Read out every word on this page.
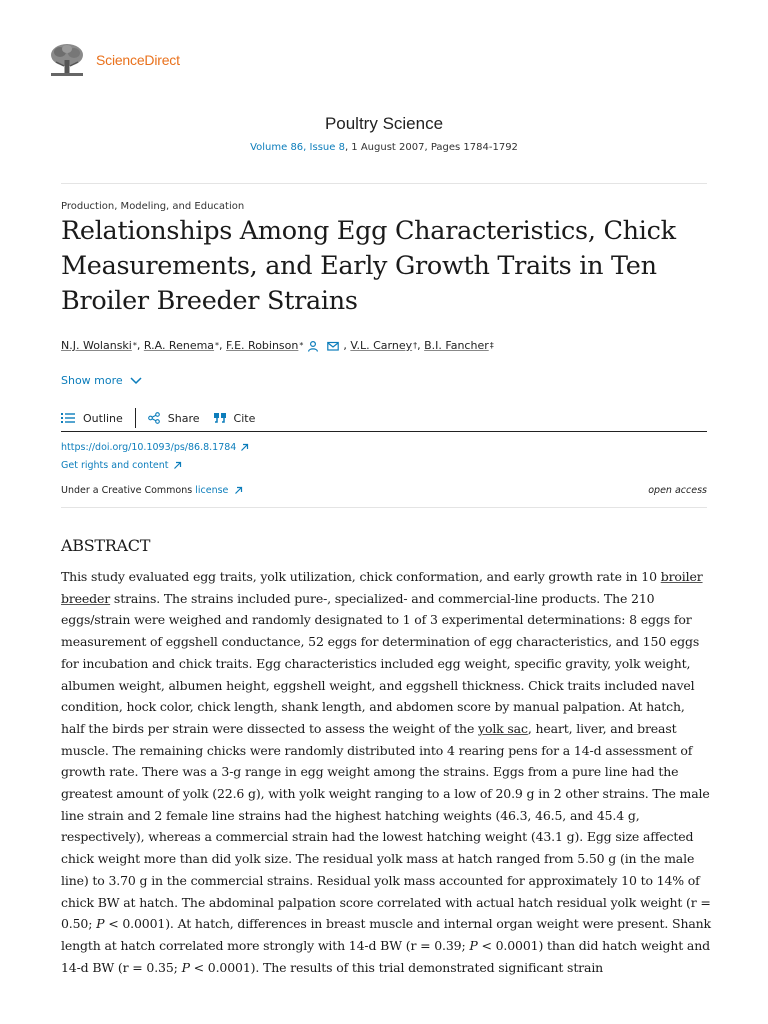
ScienceDirect
Poultry Science
Volume 86, Issue 8, 1 August 2007, Pages 1784-1792
Production, Modeling, and Education
Relationships Among Egg Characteristics, Chick Measurements, and Early Growth Traits in Ten Broiler Breeder Strains
N.J. Wolanski * , R.A. Renema * , F.E. Robinson *	, V.L. Carney † , B.I. Fancher ‡
Show more
Outline	Share	Cite
https://doi.org/10.1093/ps/86.8.1784
Get rights and content
Under a Creative Commons license	open access
ABSTRACT
This study evaluated egg traits, yolk utilization, chick conformation, and early growth rate in 10 broiler breeder strains. The strains included pure-, specialized- and commercial-line products. The 210 eggs/strain were weighed and randomly designated to 1 of 3 experimental determinations: 8 eggs for measurement of eggshell conductance, 52 eggs for determination of egg characteristics, and 150 eggs for incubation and chick traits. Egg characteristics included egg weight, specific gravity, yolk weight, albumen weight, albumen height, eggshell weight, and eggshell thickness. Chick traits included navel condition, hock color, chick length, shank length, and abdomen score by manual palpation. At hatch, half the birds per strain were dissected to assess the weight of the yolk sac, heart, liver, and breast muscle. The remaining chicks were randomly distributed into 4 rearing pens for a 14-d assessment of growth rate. There was a 3-g range in egg weight among the strains. Eggs from a pure line had the greatest amount of yolk (22.6 g), with yolk weight ranging to a low of 20.9 g in 2 other strains. The male line strain and 2 female line strains had the highest hatching weights (46.3, 46.5, and 45.4 g, respectively), whereas a commercial strain had the lowest hatching weight (43.1 g). Egg size affected chick weight more than did yolk size. The residual yolk mass at hatch ranged from 5.50 g (in the male line) to 3.70 g in the commercial strains. Residual yolk mass accounted for approximately 10 to 14% of chick BW at hatch. The abdominal palpation score correlated with actual hatch residual yolk weight (r = 0.50; P < 0.0001). At hatch, differences in breast muscle and internal organ weight were present. Shank length at hatch correlated more strongly with 14-d BW (r = 0.39; P < 0.0001) than did hatch weight and 14-d BW (r = 0.35; P < 0.0001). The results of this trial demonstrated significant strain
